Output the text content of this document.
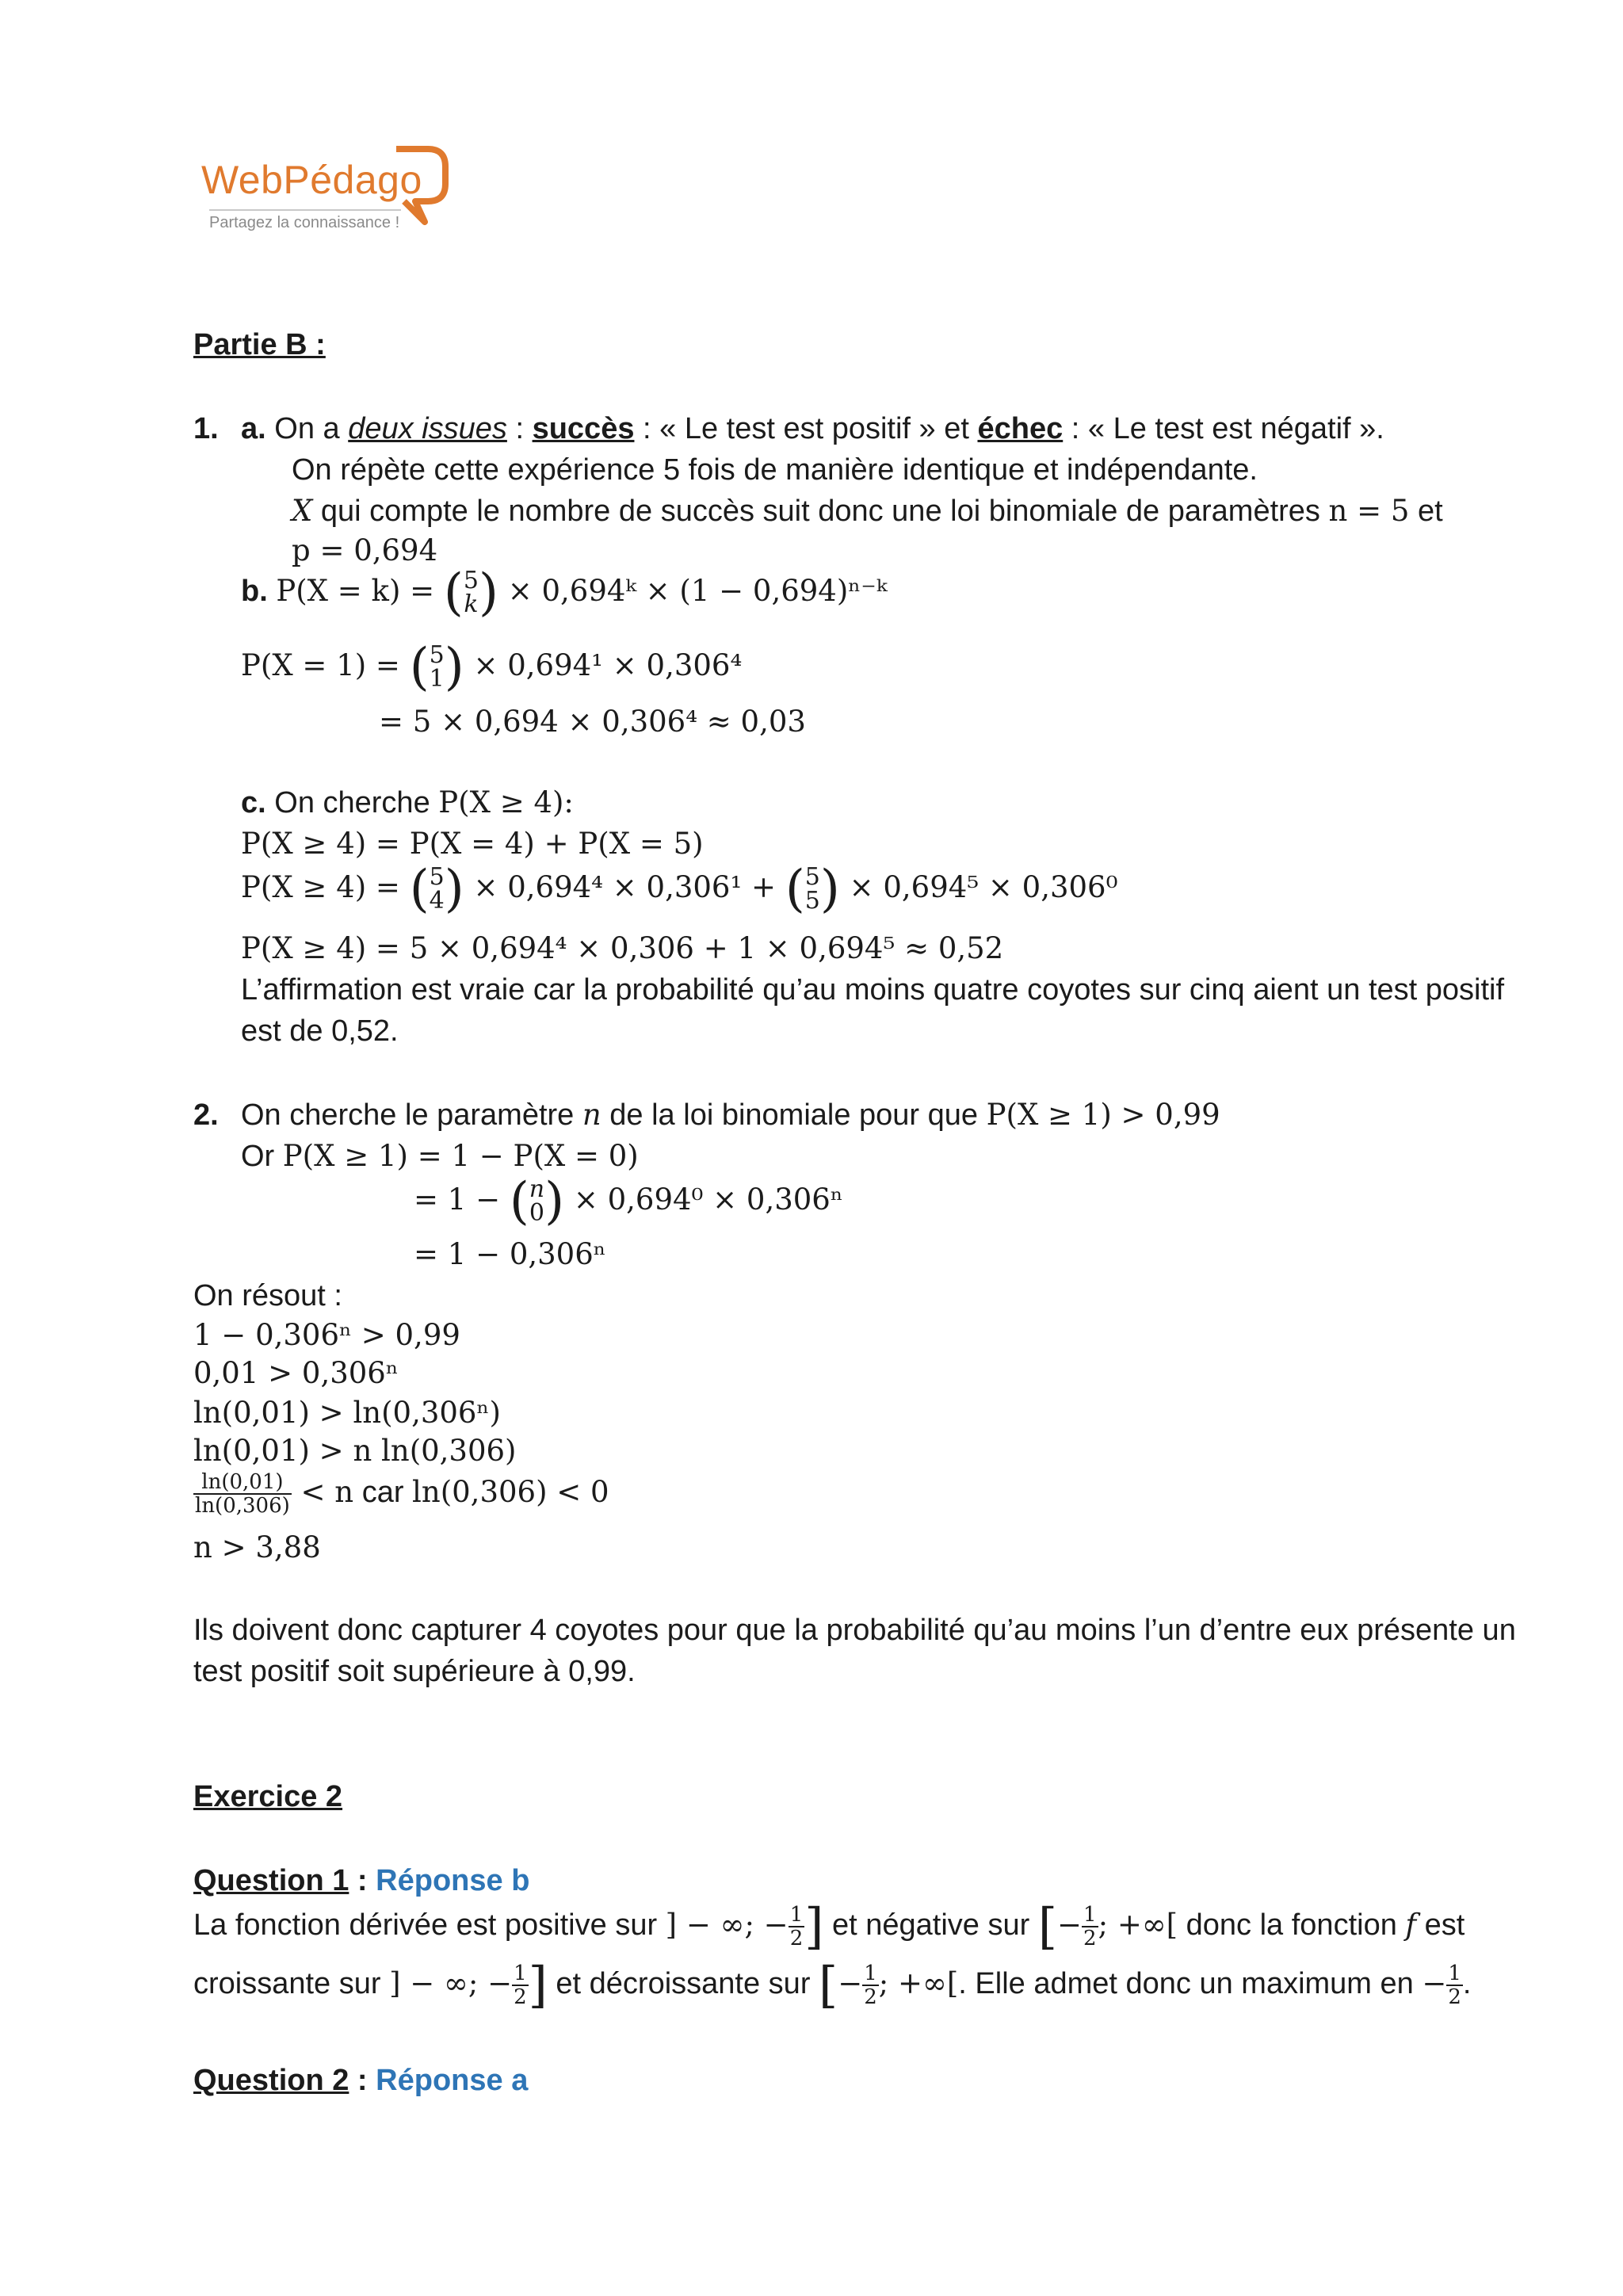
WebPédago
Partagez la connaissance !
Partie B :
1. a. On a deux issues : succès : « Le test est positif » et échec : « Le test est négatif ».
On répète cette expérience 5 fois de manière identique et indépendante.
X qui compte le nombre de succès suit donc une loi binomiale de paramètres n = 5 et
p = 0,694
b. P(X = k) = ( 5
k ) × 0,694ᵏ × (1 − 0,694)ⁿ⁻ᵏ
P(X = 1) = ( 5
1 ) × 0,694¹ × 0,306⁴
= 5 × 0,694 × 0,306⁴ ≈ 0,03
c. On cherche P(X ≥ 4):
P(X ≥ 4) = P(X = 4) + P(X = 5)
P(X ≥ 4) = ( 5
4 ) × 0,694⁴ × 0,306¹ + ( 5
5 ) × 0,694⁵ × 0,306⁰
P(X ≥ 4) = 5 × 0,694⁴ × 0,306 + 1 × 0,694⁵ ≈ 0,52
L’affirmation est vraie car la probabilité qu’au moins quatre coyotes sur cinq aient un test positif
est de 0,52.
2. On cherche le paramètre n de la loi binomiale pour que P(X ≥ 1) > 0,99
Or P(X ≥ 1) = 1 − P(X = 0)
= 1 − ( n
0 ) × 0,694⁰ × 0,306ⁿ
= 1 − 0,306ⁿ
On résout :
1 − 0,306ⁿ > 0,99
0,01 > 0,306ⁿ
ln(0,01) > ln(0,306ⁿ)
ln(0,01) > n ln(0,306)
$\frac{\ln(0,01)}{\ln(0,306)} < n$ car ln(0,306) < 0
n > 3,88
Ils doivent donc capturer 4 coyotes pour que la probabilité qu’au moins l’un d’entre eux présente un
test positif soit supérieure à 0,99.
Exercice 2
Question 1 : Réponse b
La fonction dérivée est positive sur ] − ∞; − $\frac{1}{2}$ ] et négative sur [− $\frac{1}{2}$ ; +∞[ donc la fonction f est
croissante sur ] − ∞; − $\frac{1}{2}$ ] et décroissante sur [− $\frac{1}{2}$ ; +∞[. Elle admet donc un maximum en − $\frac{1}{2}$ .
Question 2 : Réponse a
